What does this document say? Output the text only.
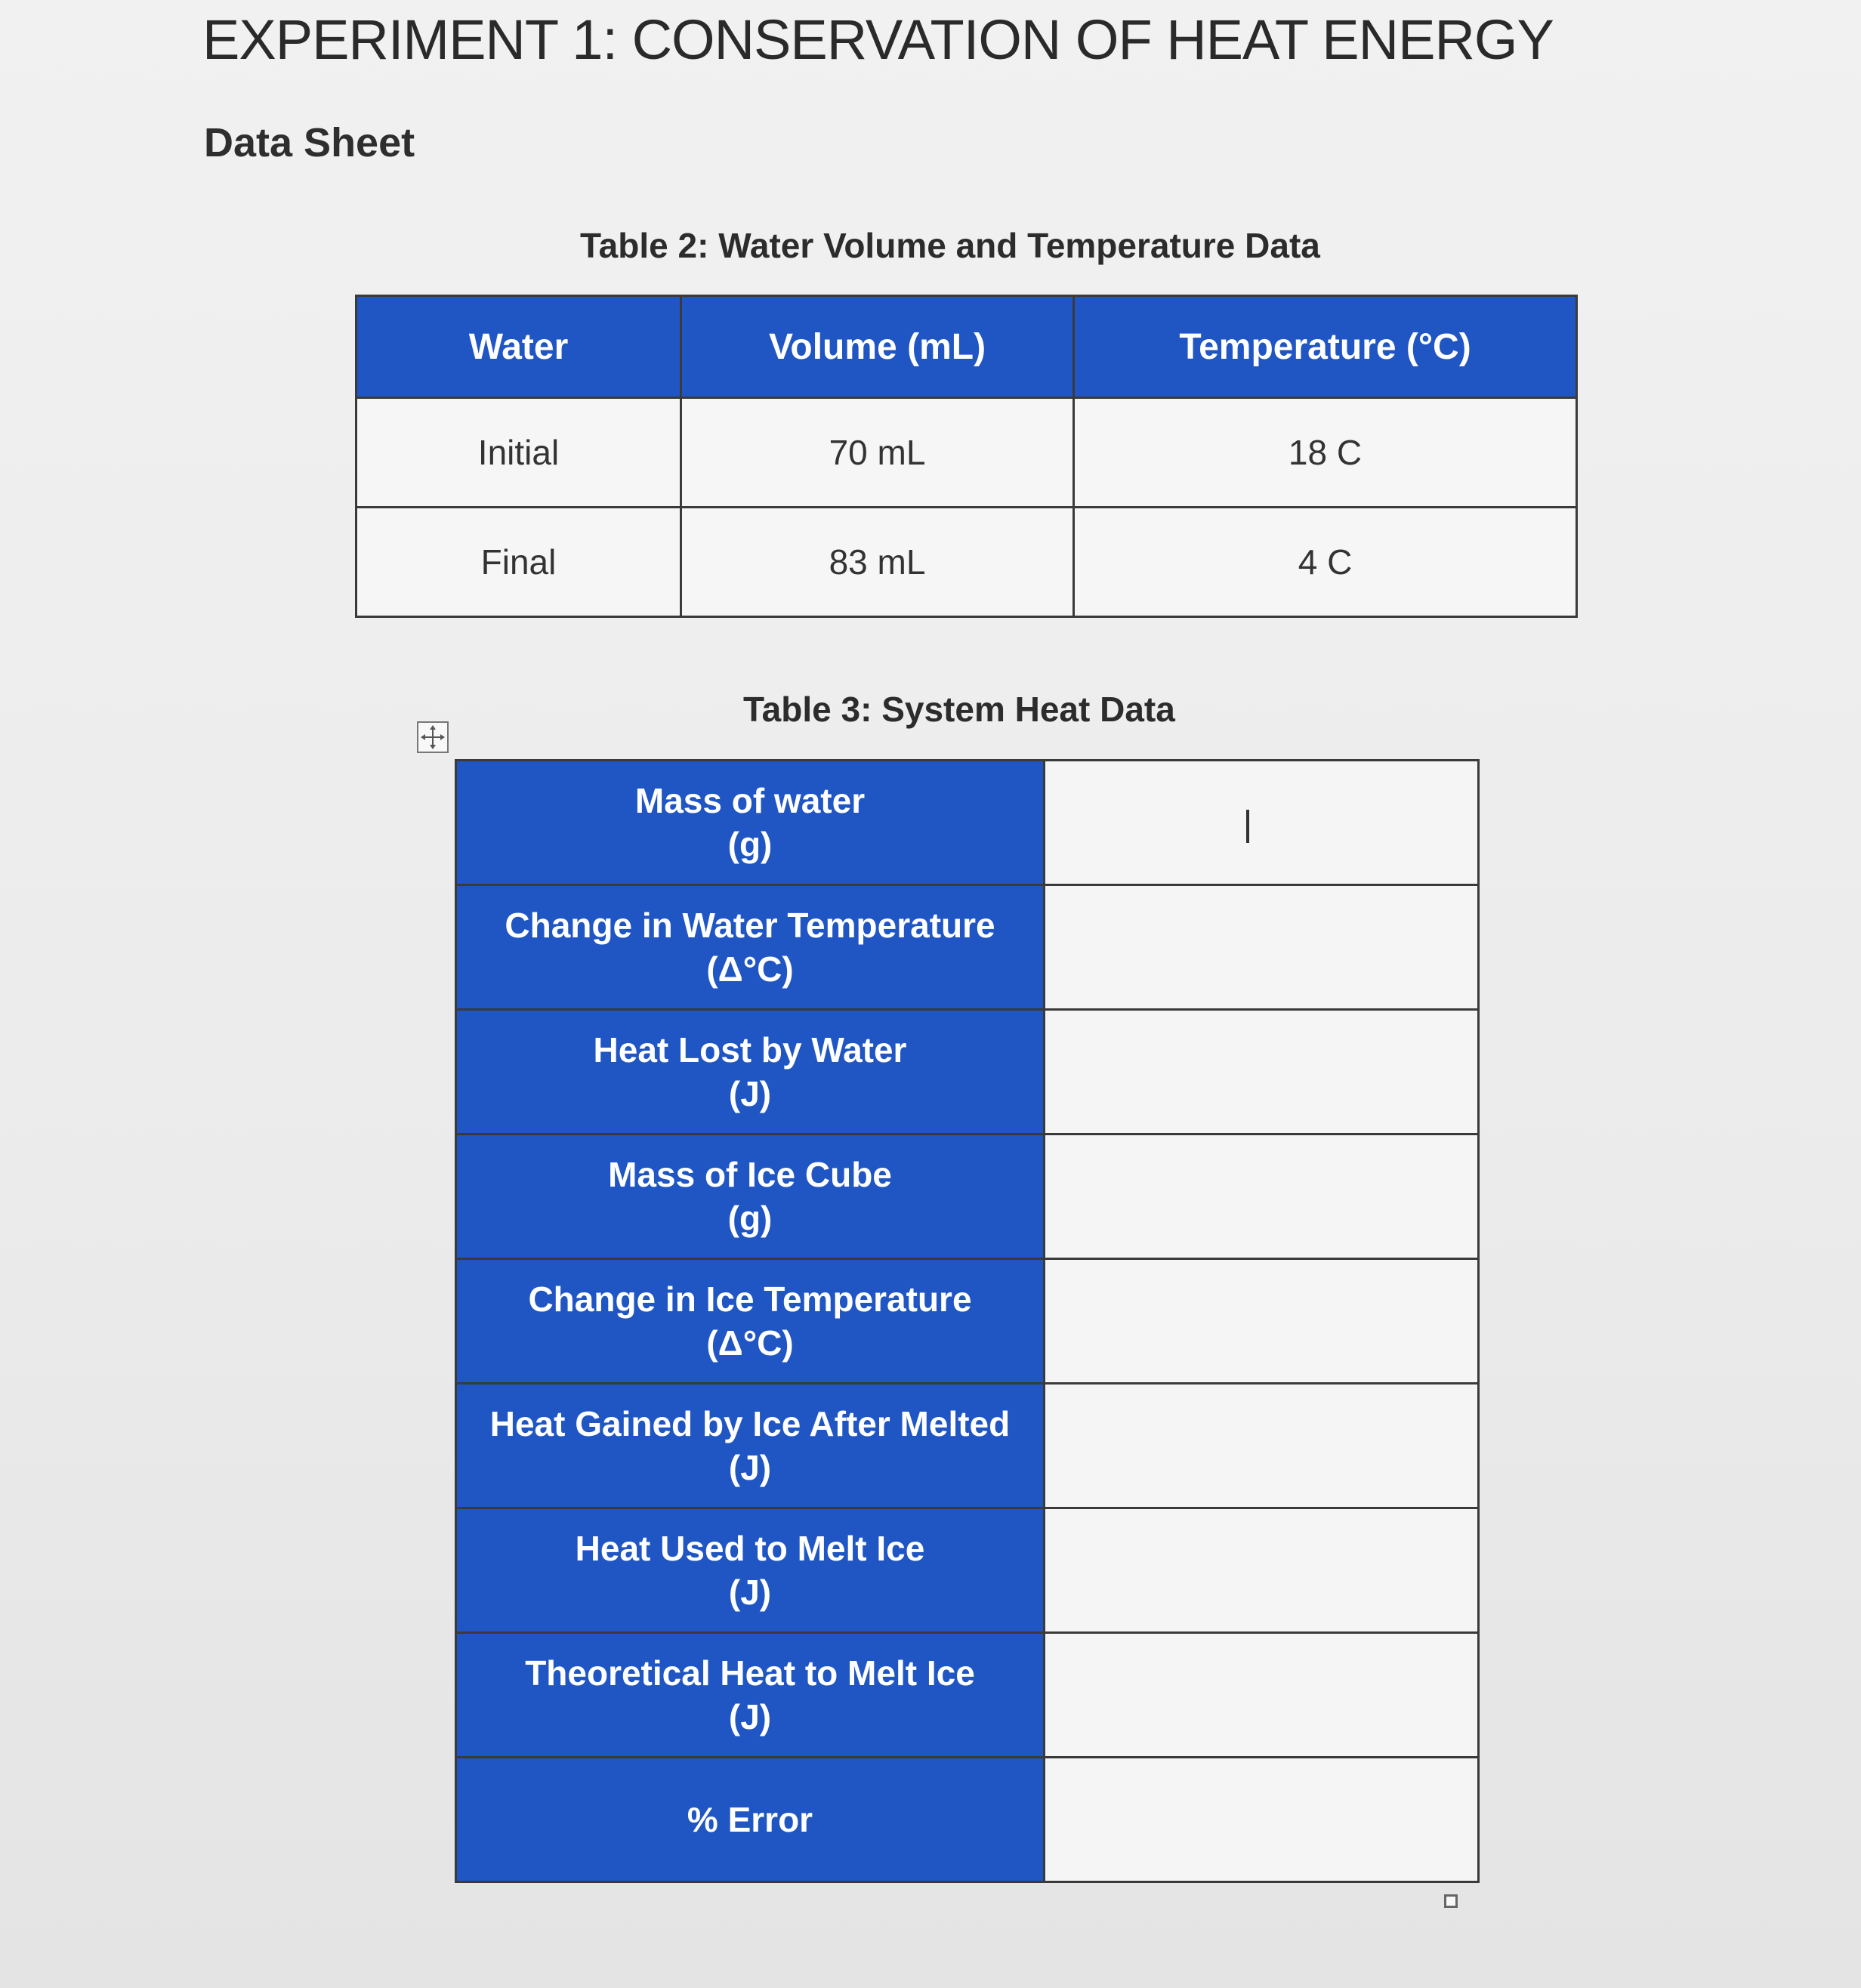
EXPERIMENT 1: CONSERVATION OF HEAT ENERGY
Data Sheet
Table 2: Water Volume and Temperature Data
Water	Volume (mL)	Temperature (°C)
Initial	70 mL	18 C
Final	83 mL	4 C
Table 3: System Heat Data
Mass of water
(g)	

Change in Water Temperature
(Δ°C)	

Heat Lost by Water
(J)	

Mass of Ice Cube
(g)	

Change in Ice Temperature
(Δ°C)	

Heat Gained by Ice After Melted
(J)	

Heat Used to Melt Ice
(J)	

Theoretical Heat to Melt Ice
(J)	

% Error	
